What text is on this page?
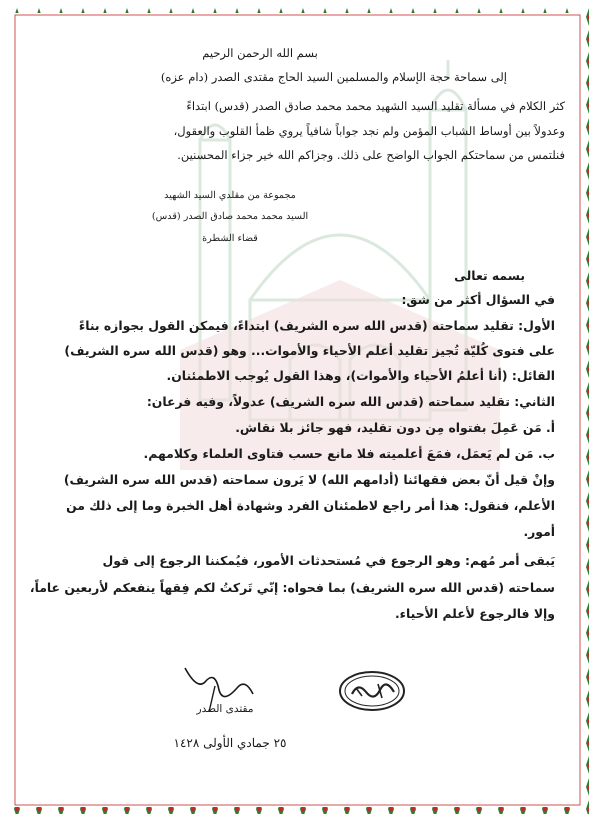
بسم الله الرحمن الرحيم
إلى سماحة حجة الإسلام والمسلمين السيد الحاج مقتدى الصدر (دام عزه)
كثر الكلام في مسألة تقليد السيد الشهيد محمد محمد صادق الصدر (قدس) ابتداءً
وعدولاً بين أوساط الشباب المؤمن ولم نجد جواباً شافياً يروي ظمأ القلوب والعقول،
فنلتمس من سماحتكم الجواب الواضح على ذلك. وجزاكم الله خير جزاء المحسنين.
مجموعة من مقلدي السيد الشهيد
السيد محمد محمد صادق الصدر (قدس)
قضاء الشطرة
بسمه تعالى
في السؤال أكثر من شق:
الأول: تقليد سماحته (قدس الله سره الشريف) ابتداءً، فيمكن القول بجوازه بناءً
على فتوى كُليّة تُجيز تقليد أعلم الأحياء والأموات... وهو (قدس الله سره الشريف)
القائل: (أنا أعلمُ الأحياء والأموات)، وهذا القول يُوجب الاطمئنان.
الثاني: تقليد سماحته (قدس الله سره الشريف) عدولاً، وفيه فرعان:
أ. مَن عَمِلَ بفتواه مِن دون تقليد، فهو جائز بلا نقاش.
ب. مَن لم يَعمَل، فمَعَ أعلميته فلا مانع حسب فتاوى العلماء وكلامهم.
وإنْ قيل أنّ بعض فقهائنا (أدامهم الله) لا يَرون سماحته (قدس الله سره الشريف)
الأعلم، فنقول: هذا أمر راجع لاطمئنان الفرد وشهادة أهل الخبرة وما إلى ذلك من
أمور.
يَبقى أمر مُهم: وهو الرجوع في مُستحدثات الأمور، فيُمكننا الرجوع إلى قول
سماحته (قدس الله سره الشريف) بما فحواه: إنّي تَركتُ لكم فِقهاً ينفعكم لأربعين عاماً،
وإلا فالرجوع لأعلم الأحياء.
مقتدى الصدر
٢٥ جمادي الأولى ١٤٢٨
